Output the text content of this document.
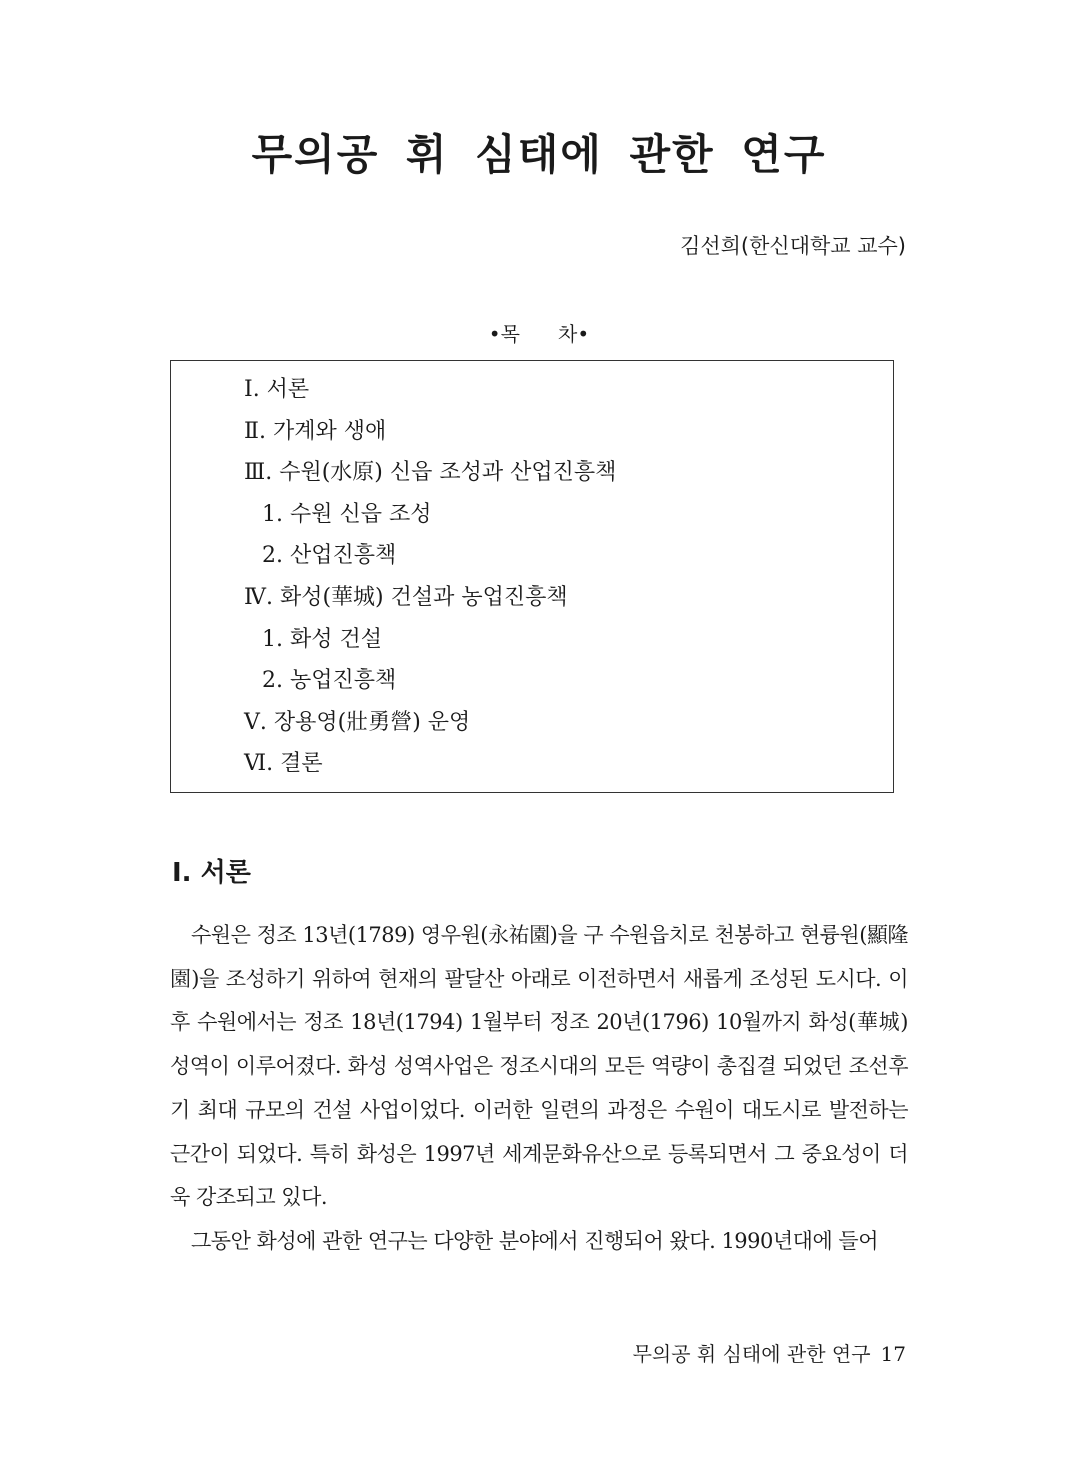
무의공 휘 심태에 관한 연구
김선희(한신대학교 교수)
•목      차•
Ⅰ. 서론
Ⅱ. 가계와 생애
Ⅲ. 수원(水原) 신읍 조성과 산업진흥책
1. 수원 신읍 조성
2. 산업진흥책
Ⅳ. 화성(華城) 건설과 농업진흥책
1. 화성 건설
2. 농업진흥책
Ⅴ. 장용영(壯勇營) 운영
Ⅵ. 결론
Ⅰ. 서론

수원은 정조 13년(1789) 영우원(永祐園)을 구 수원읍치로 천봉하고 현륭원(顯隆園)을 조성하기 위하여 현재의 팔달산 아래로 이전하면서 새롭게 조성된 도시다. 이후 수원에서는 정조 18년(1794) 1월부터 정조 20년(1796) 10월까지 화성(華城) 성역이 이루어졌다. 화성 성역사업은 정조시대의 모든 역량이 총집결 되었던 조선후기 최대 규모의 건설 사업이었다. 이러한 일련의 과정은 수원이 대도시로 발전하는 근간이 되었다. 특히 화성은 1997년 세계문화유산으로 등록되면서 그 중요성이 더욱 강조되고 있다.

그동안 화성에 관한 연구는 다양한 분야에서 진행되어 왔다. 1990년대에 들어

무의공 휘 심태에 관한 연구 17
